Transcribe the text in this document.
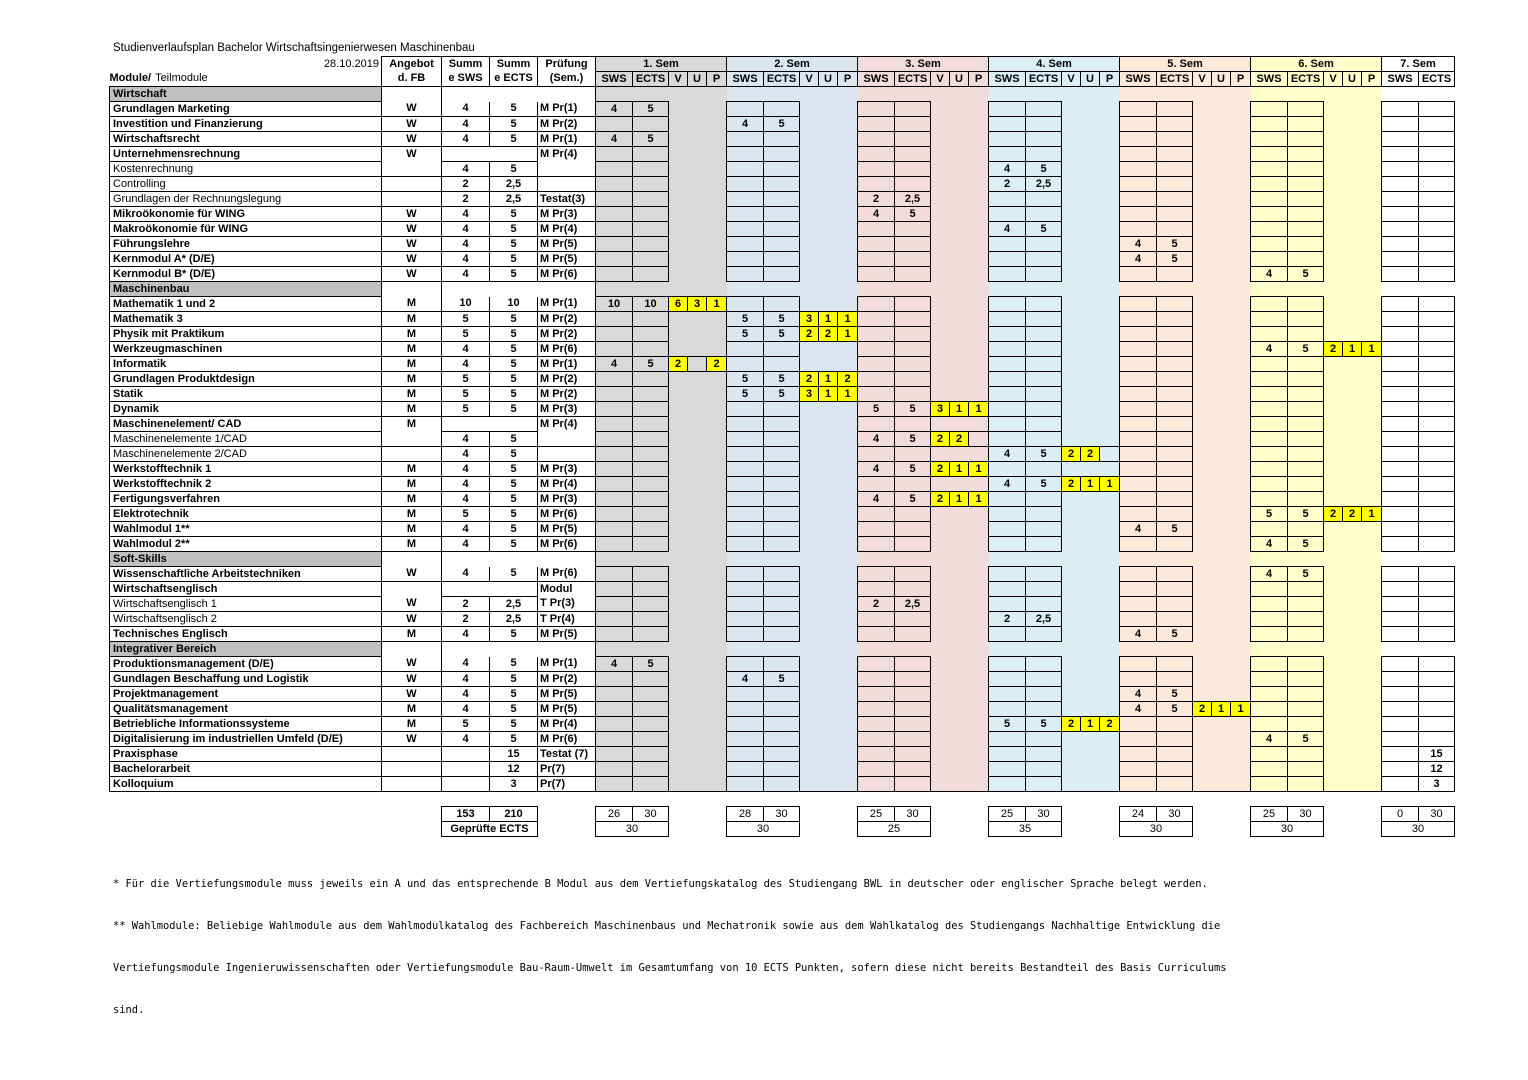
Studienverlaufsplan Bachelor Wirtschaftsingenierwesen Maschinenbau
28.10.2019	Angebot	Summ	Summ	Prüfung	1. Sem					2. Sem					3. Sem					4. Sem					5. Sem					6. Sem					7. Sem	
Module/ Teilmodule	d. FB	e SWS	e ECTS	(Sem.)	SWS	ECTS	V	U	P	SWS	ECTS	V	U	P	SWS	ECTS	V	U	P	SWS	ECTS	V	U	P	SWS	ECTS	V	U	P	SWS	ECTS	V	U	P	SWS	ECTS
Wirtschaft																																				
Grundlagen Marketing	W	4	5	M Pr(1)	4	5																														
Investition und Finanzierung	W	4	5	M Pr(2)						4	5																									
Wirtschaftsrecht	W	4	5	M Pr(1)	4	5																														
Unternehmensrechnung	W			M Pr(4)																																
Kostenrechnung		4	5																	4	5															
Controlling		2	2,5																	2	2,5															
Grundlagen der Rechnungslegung		2	2,5	Testat(3)											2	2,5																				
Mikroökonomie für WING	W	4	5	M Pr(3)											4	5																				
Makroökonomie für WING	W	4	5	M Pr(4)																4	5															
Führungslehre	W	4	5	M Pr(5)																					4	5										
Kernmodul A* (D/E)	W	4	5	M Pr(5)																					4	5										
Kernmodul B* (D/E)	W	4	5	M Pr(6)																										4	5					
Maschinenbau																																				
Mathematik 1 und 2	M	10	10	M Pr(1)	10	10	6	3	1																											
Mathematik 3	M	5	5	M Pr(2)						5	5	3	1	1																						
Physik mit Praktikum	M	5	5	M Pr(2)						5	5	2	2	1																						
Werkzeugmaschinen	M	4	5	M Pr(6)																										4	5	2	1	1		
Informatik	M	4	5	M Pr(1)	4	5	2		2																											
Grundlagen Produktdesign	M	5	5	M Pr(2)						5	5	2	1	2																						
Statik	M	5	5	M Pr(2)						5	5	3	1	1																						
Dynamik	M	5	5	M Pr(3)											5	5	3	1	1																	
Maschinenelement/ CAD	M			M Pr(4)																																
Maschinenelemente 1/CAD		4	5												4	5	2	2																		
Maschinenelemente 2/CAD		4	5																	4	5	2	2													
Werkstofftechnik 1	M	4	5	M Pr(3)											4	5	2	1	1																	
Werkstofftechnik 2	M	4	5	M Pr(4)																4	5	2	1	1												
Fertigungsverfahren	M	4	5	M Pr(3)											4	5	2	1	1																	
Elektrotechnik	M	5	5	M Pr(6)																										5	5	2	2	1		
Wahlmodul 1**	M	4	5	M Pr(5)																					4	5										
Wahlmodul 2**	M	4	5	M Pr(6)																										4	5					
Soft-Skills																																				
Wissenschaftliche Arbeitstechniken	W	4	5	M Pr(6)																										4	5					
Wirtschaftsenglisch				Modul																																
Wirtschaftsenglisch 1	W	2	2,5	T Pr(3)											2	2,5																				
Wirtschaftsenglisch 2	W	2	2,5	T Pr(4)																2	2,5															
Technisches Englisch	M	4	5	M Pr(5)																					4	5										
Integrativer Bereich																																				
Produktionsmanagement (D/E)	W	4	5	M Pr(1)	4	5																														
Gundlagen Beschaffung und Logistik	W	4	5	M Pr(2)						4	5																									
Projektmanagement	W	4	5	M Pr(5)																					4	5										
Qualitätsmanagement	M	4	5	M Pr(5)																					4	5	2	1	1							
Betriebliche Informationssysteme	M	5	5	M Pr(4)																5	5	2	1	2												
Digitalisierung im industriellen Umfeld (D/E)	W	4	5	M Pr(6)																										4	5					
Praxisphase			15	Testat (7)																																15
Bachelorarbeit			12	Pr(7)																																12
Kolloquium			3	Pr(7)																																3

		153	210		26	30				28	30				25	30				25	30				24	30				25	30				0	30
		Geprüfte ECTS			30					30					25					35					30					30					30	

* Für die Vertiefungsmodule muss jeweils ein A und das entsprechende B Modul aus dem Vertiefungskatalog des Studiengang BWL in deutscher oder englischer Sprache belegt werden.

** Wahlmodule: Beliebige Wahlmodule aus dem Wahlmodulkatalog des Fachbereich Maschinenbaus und Mechatronik sowie aus dem Wahlkatalog des Studiengangs Nachhaltige Entwicklung die

Vertiefungsmodule Ingenieruwissenschaften oder Vertiefungsmodule Bau-Raum-Umwelt im Gesamtumfang von 10 ECTS Punkten, sofern diese nicht bereits Bestandteil des Basis Curriculums

sind.
